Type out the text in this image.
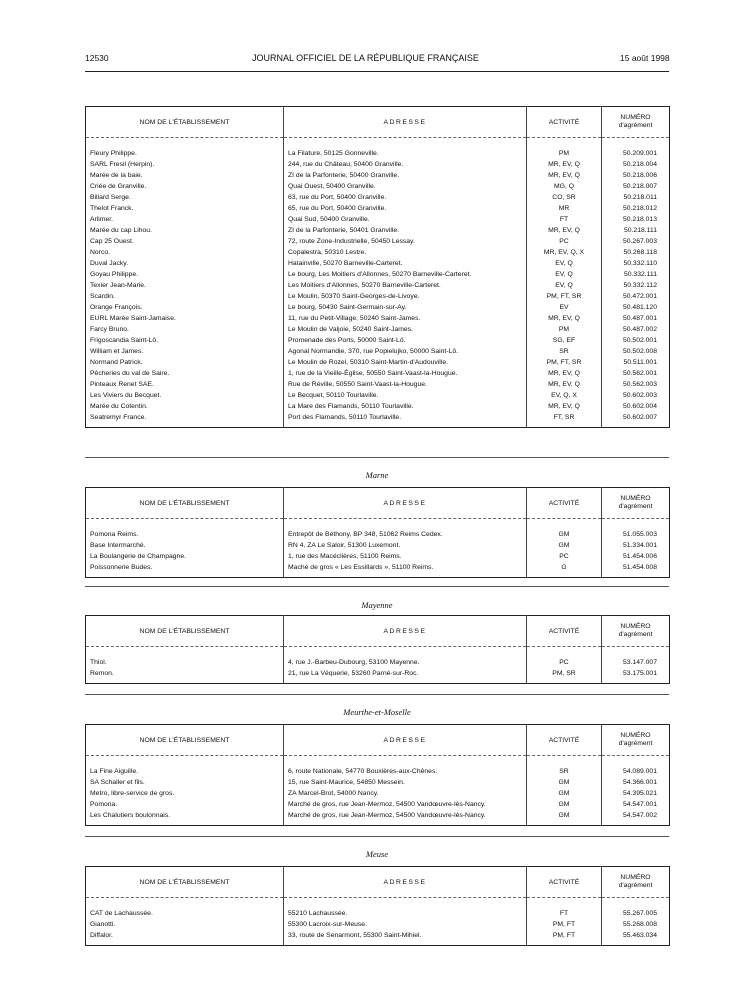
12530	JOURNAL OFFICIEL DE LA RÉPUBLIQUE FRANÇAISE	15 août 1998
NOM DE L'ÉTABLISSEMENT	ADRESSE	ACTIVITÉ	NUMÉRO
d'agrément

Fleury Philippe.	La Filature, 50125 Gonneville.	PM	50.209.001
SARL Fresil (Herpin).	244, rue du Château, 50400 Granville.	MR, EV, Q	50.218.004
Marée de la baie.	ZI de la Parfonterie, 50400 Granville.	MR, EV, Q	50.218.006
Criée de Granville.	Quai Ouest, 50400 Granville.	MG, Q	50.218.007
Billard Serge.	63, rue du Port, 50400 Granville.	CO, SR	50.218.011
Thelot Franck.	65, rue du Port, 50400 Granville.	MR	50.218.012
Arlimer.	Quai Sud, 50400 Granville.	FT	50.218.013
Marée du cap Lihou.	ZI de la Parfonterie, 50401 Granville.	MR, EV, Q	50.218.111
Cap 25 Ouest.	72, route Zone-Industrielle, 50450 Lessay.	PC	50.267.003
Norco.	Copalestra, 50310 Lestre.	MR, EV, Q, X	50.268.118
Duval Jacky.	Hatainville, 50270 Barneville-Carteret.	EV, Q	50.332.110
Goyau Philippe.	Le bourg, Les Moitiers d'Allonnes, 50270 Barneville-Carteret.	EV, Q	50.332.111
Texier Jean-Marie.	Les Moitiers d'Allonnes, 50270 Barneville-Carteret.	EV, Q	50.332.112
Scardin.	Le Moulin, 50370 Saint-Georges-de-Livoye.	PM, FT, SR	50.472.001
Orange François.	Le bourg, 50430 Saint-Germain-sur-Ay.	EV	50.481.120
EURL Marée Saint-Jamaise.	11, rue du Petit-Village, 50240 Saint-James.	MR, EV, Q	50.487.001
Farcy Bruno.	Le Moulin de Valjoie, 50240 Saint-James.	PM	50.487.002
Frigoscandia Saint-Lô.	Promenade des Ports, 50000 Saint-Lô.	SG, EF	50.502.001
William et James.	Agonal Normandie, 370, rue Popielujko, 50000 Saint-Lô.	SR	50.502.008
Normand Patrick.	Le Moulin de Rozel, 50310 Saint-Martin-d'Audouville.	PM, FT, SR	50.511.001
Pêcheries du val de Saire.	1, rue de la Vieille-Église, 50550 Saint-Vaast-la-Hougue.	MR, EV, Q	50.562.001
Pinteaux Renet SAE.	Rue de Réville, 50550 Saint-Vaast-la-Hougue.	MR, EV, Q	50.562.003
Les Viviers du Becquet.	Le Becquet, 50110 Tourlaville.	EV, Q, X	50.602.003
Marée du Cotentin.	La Mare des Flamands, 50110 Tourlaville.	MR, EV, Q	50.602.004
Seatremyr France.	Port des Flamands, 50110 Tourlaville.	FT, SR	50.602.007

Marne
NOM DE L'ÉTABLISSEMENT	ADRESSE	ACTIVITÉ	NUMÉRO
d'agrément

Pomona Reims.	Entrepôt de Béthony, BP 348, 51062 Reims Cedex.	GM	51.055.003
Base Intermarché.	RN 4, ZA Le Saloir, 51300 Luxemont.	GM	51.334.001
La Boulangerie de Champagne.	1, rue des Macéclières, 51100 Reims.	PC	51.454.006
Poissonnerie Budes.	Maché de gros « Les Essillards », 51100 Reims.	G	51.454.008

Mayenne
NOM DE L'ÉTABLISSEMENT	ADRESSE	ACTIVITÉ	NUMÉRO
d'agrément

Thiol.	4, rue J.-Barbeu-Dubourg, 53100 Mayenne.	PC	53.147.007
Remon.	21, rue La Véquerie, 53260 Parné-sur-Roc.	PM, SR	53.175.001

Meurthe-et-Moselle
NOM DE L'ÉTABLISSEMENT	ADRESSE	ACTIVITÉ	NUMÉRO
d'agrément

La Fine Aiguille.	6, route Nationale, 54770 Bouxières-aux-Chênes.	SR	54.089.001
SA Schaller et fils.	15, rue Saint-Maurice, 54850 Messein.	GM	54.366.001
Metro, libre-service de gros.	ZA Marcel-Brot, 54000 Nancy.	GM	54.395.021
Pomona.	Marché de gros, rue Jean-Mermoz, 54500 Vandœuvre-lès-Nancy.	GM	54.547.001
Les Chalutiers boulonnais.	Marché de gros, rue Jean-Mermoz, 54500 Vandœuvre-lès-Nancy.	GM	54.547.002

Meuse
NOM DE L'ÉTABLISSEMENT	ADRESSE	ACTIVITÉ	NUMÉRO
d'agrément

CAT de Lachaussée.	55210 Lachaussée.	FT	55.267.005
Gianotti.	55300 Lacroix-sur-Meuse.	PM, FT	55.268.008
Diffalor.	33, route de Senarmont, 55300 Saint-Mihiel.	PM, FT	55.463.034
